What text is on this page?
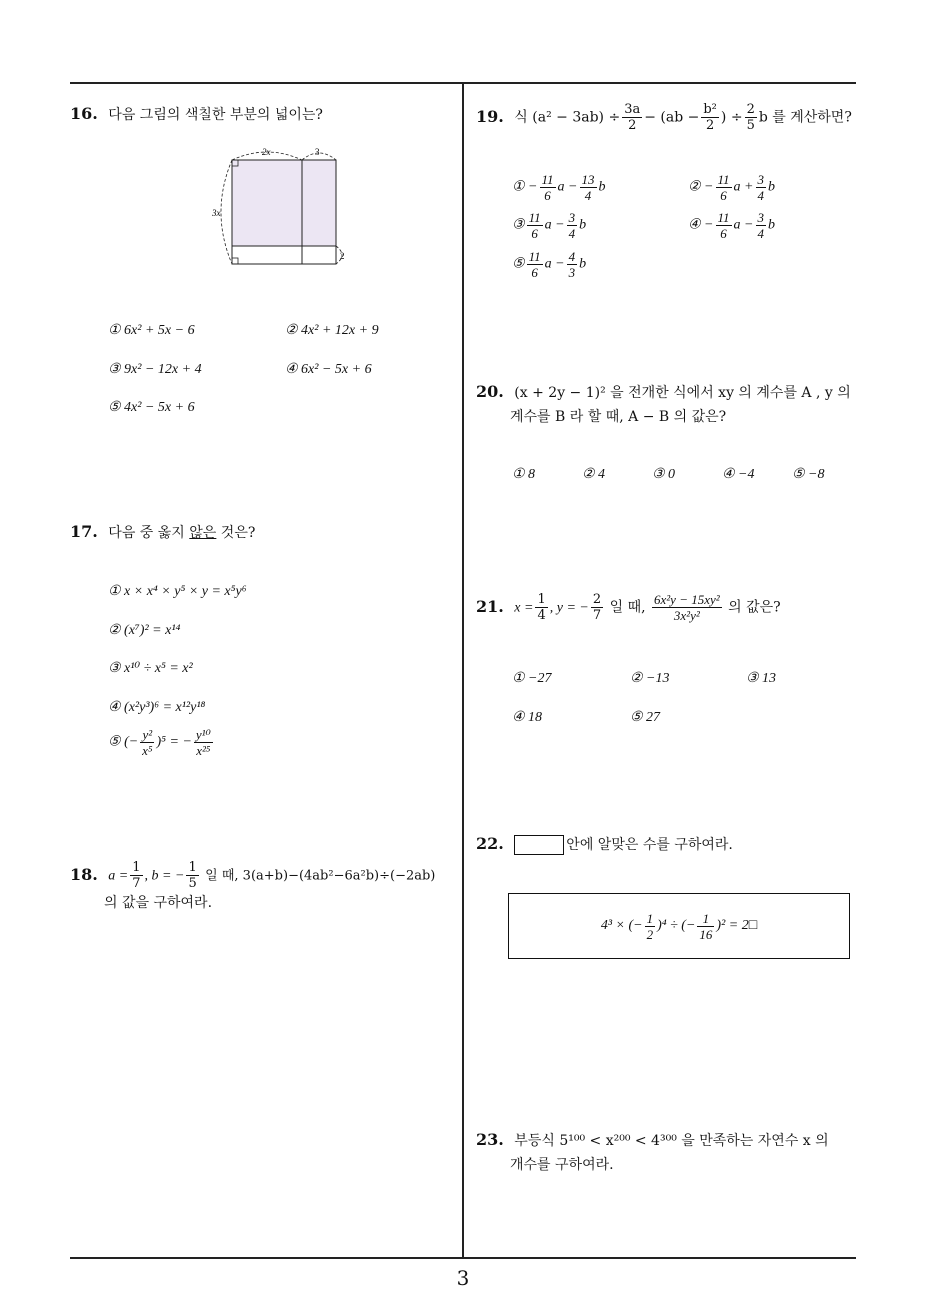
16. 다음 그림의 색칠한 부분의 넓이는?
2x	3
3x
2
① 6x² + 5x − 6	② 4x² + 12x + 9
③ 9x² − 12x + 4	④ 6x² − 5x + 6
⑤ 4x² − 5x + 6
17. 다음 중 옳지 않은 것은?
① x × x⁴ × y⁵ × y = x⁵y⁶
② (x⁷)² = x¹⁴
③ x¹⁰ ÷ x⁵ = x²
④ (x²y³)⁶ = x¹²y¹⁸
⑤ (− $\frac{\text{y²}}{\text{x⁵}} )^5$ = − $\frac{\text{y¹⁰}}{\text{x²⁵}}$
18. $a = \frac{1}{7}$ , b = − $\frac{1}{5}$ 일 때, 3(a+b)−(4ab²−6a²b)÷(−2ab)
의 값을 구하여라.
19. 식 $(a^2 - 3ab) \div \frac{3a}{2} - (ab - \frac{\text{b²}}{2}$ ) ÷ $\frac{2}{5}$ b 를 계산하면?
① − $\frac{11}{6}$ $a - \frac{13}{4}$ b	② − $\frac{11}{6}$ $a + \frac{3}{4}$ b
③ $\frac{11}{6}$ $a - \frac{3}{4}$ b	④ − $\frac{11}{6}$ $a - \frac{3}{4}$ b
⑤ $\frac{11}{6}$ $a - \frac{4}{3}$ b
20. (x + 2y − 1)² 을 전개한 식에서 xy 의 계수를 A , y 의
계수를 B 라 할 때, A − B 의 값은?
① 8	② 4	③ 0	④ −4	⑤ −8
21. $x = \frac{1}{4}$ , y = − $\frac{2}{7}$ 일 때, $\frac{\text{6x²y − 15xy²}}{\text{3x²y²}}$ 의 값은?
① −27	② −13	③ 13
④ 18	⑤ 27
22.	안에 알맞은 수를 구하여라.
4³ × (− $\frac{1}{2} )^4$ ÷ (− $\frac{1}{16} )^2$ = 2□
23. 부등식 5¹⁰⁰ < x²⁰⁰ < 4³⁰⁰ 을 만족하는 자연수 x 의
개수를 구하여라.
3
